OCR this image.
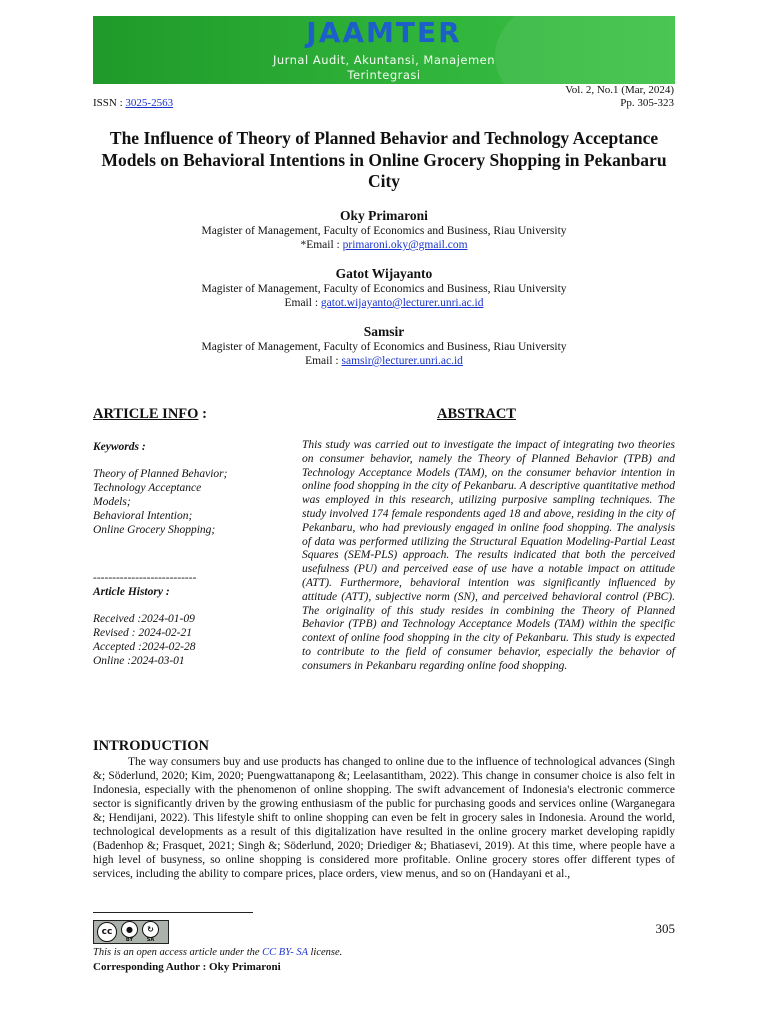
JAAMTER
Jurnal Audit, Akuntansi, Manajemen
Terintegrasi
Vol. 2, No.1 (Mar, 2024)
ISSN : 3025-2563	Pp. 305-323
The Influence of Theory of Planned Behavior and Technology Acceptance Models on Behavioral Intentions in Online Grocery Shopping in Pekanbaru City
Oky Primaroni
Magister of Management, Faculty of Economics and Business, Riau University
*Email : primaroni.oky@gmail.com
Gatot Wijayanto
Magister of Management, Faculty of Economics and Business, Riau University
Email : gatot.wijayanto@lecturer.unri.ac.id
Samsir
Magister of Management, Faculty of Economics and Business, Riau University
Email : samsir@lecturer.unri.ac.id
ARTICLE INFO :	ABSTRACT
Keywords :
Theory of Planned Behavior;
Technology Acceptance
Models;
Behavioral Intention;
Online Grocery Shopping;
---------------------------
Article History :
Received :2024-01-09
Revised : 2024-02-21
Accepted :2024-02-28
Online :2024-03-01
This study was carried out to investigate the impact of integrating two theories on consumer behavior, namely the Theory of Planned Behavior (TPB) and Technology Acceptance Models (TAM), on the consumer behavior intention in online food shopping in the city of Pekanbaru. A descriptive quantitative method was employed in this research, utilizing purposive sampling techniques. The study involved 174 female respondents aged 18 and above, residing in the city of Pekanbaru, who had previously engaged in online food shopping. The analysis of data was performed utilizing the Structural Equation Modeling-Partial Least Squares (SEM-PLS) approach. The results indicated that both the perceived usefulness (PU) and perceived ease of use have a notable impact on attitude (ATT). Furthermore, behavioral intention was significantly influenced by attitude (ATT), subjective norm (SN), and perceived behavioral control (PBC). The originality of this study resides in combining the Theory of Planned Behavior (TPB) and Technology Acceptance Models (TAM) within the specific context of online food shopping in the city of Pekanbaru. This study is expected to contribute to the field of consumer behavior, especially the behavior of consumers in Pekanbaru regarding online food shopping.
INTRODUCTION
The way consumers buy and use products has changed to online due to the influence of technological advances (Singh &; Söderlund, 2020; Kim, 2020; Puengwattanapong &; Leelasantitham, 2022). This change in consumer choice is also felt in Indonesia, especially with the phenomenon of online shopping. The swift advancement of Indonesia's electronic commerce sector is significantly driven by the growing enthusiasm of the public for purchasing goods and services online (Warganegara &; Hendijani, 2022). This lifestyle shift to online shopping can even be felt in grocery sales in Indonesia. Around the world, technological developments as a result of this digitalization have resulted in the online grocery market developing rapidly (Badenhop &; Frasquet, 2021; Singh &; Söderlund, 2020; Driediger &; Bhatiasevi, 2019). At this time, where people have a high level of busyness, so online shopping is considered more profitable. Online grocery stores offer different types of services, including the ability to compare prices, place orders, view menus, and so on (Handayani et al.,
cc	●
BY
↻
SA
305
This is an open access article under the CC BY- SA license.
Corresponding Author : Oky Primaroni
